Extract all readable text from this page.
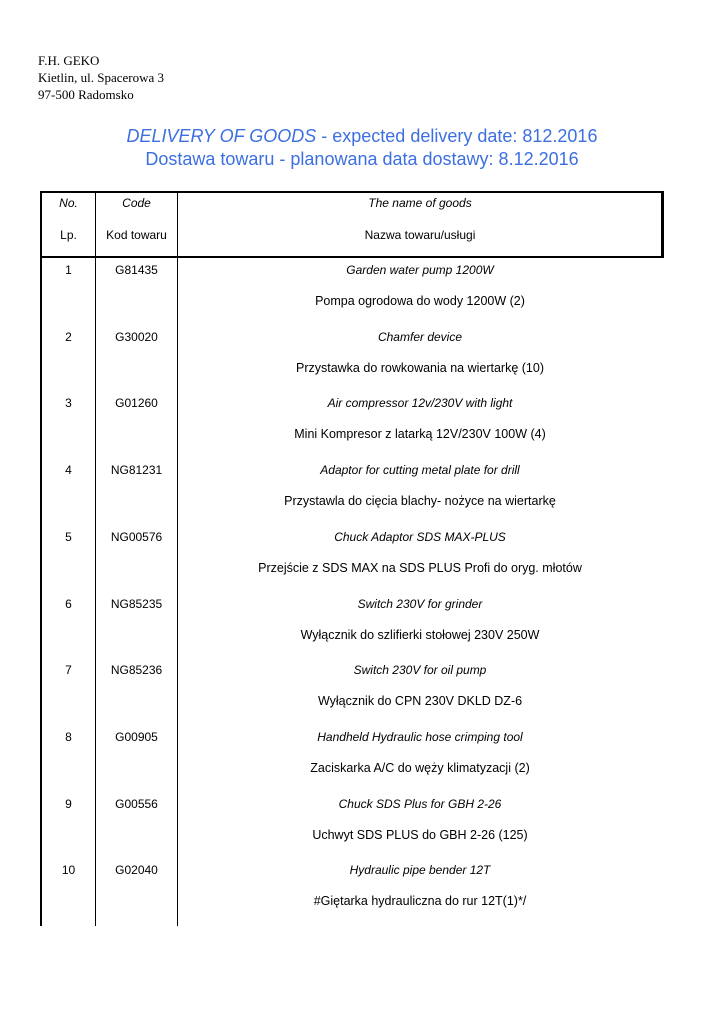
F.H. GEKO
Kietlin, ul. Spacerowa 3
97-500 Radomsko
DELIVERY OF GOODS - expected delivery date: 812.2016
Dostawa towaru - planowana data dostawy: 8.12.2016
No.	Code	The name of goods
Lp.	Kod towaru	Nazwa towaru/usługi
1	G81435	Garden water pump 1200W
Pompa ogrodowa do wody 1200W (2)
2	G30020	Chamfer device
Przystawka do rowkowania na wiertarkę (10)
3	G01260	Air compressor 12v/230V with light
Mini Kompresor z latarką 12V/230V 100W (4)
4	NG81231	Adaptor for cutting metal plate for drill
Przystawla do cięcia blachy- nożyce na wiertarkę
5	NG00576	Chuck Adaptor SDS MAX-PLUS
Przejście z SDS MAX na SDS PLUS Profi do oryg. młotów
6	NG85235	Switch 230V for grinder
Wyłącznik do szlifierki stołowej 230V 250W
7	NG85236	Switch 230V for oil pump
Wyłącznik do CPN 230V DKLD DZ-6
8	G00905	Handheld Hydraulic hose crimping tool
Zaciskarka A/C do węży klimatyzacji (2)
9	G00556	Chuck SDS Plus for GBH 2-26
Uchwyt SDS PLUS do GBH 2-26 (125)
10	G02040	Hydraulic pipe bender 12T
#Giętarka hydrauliczna do rur 12T(1)*/
